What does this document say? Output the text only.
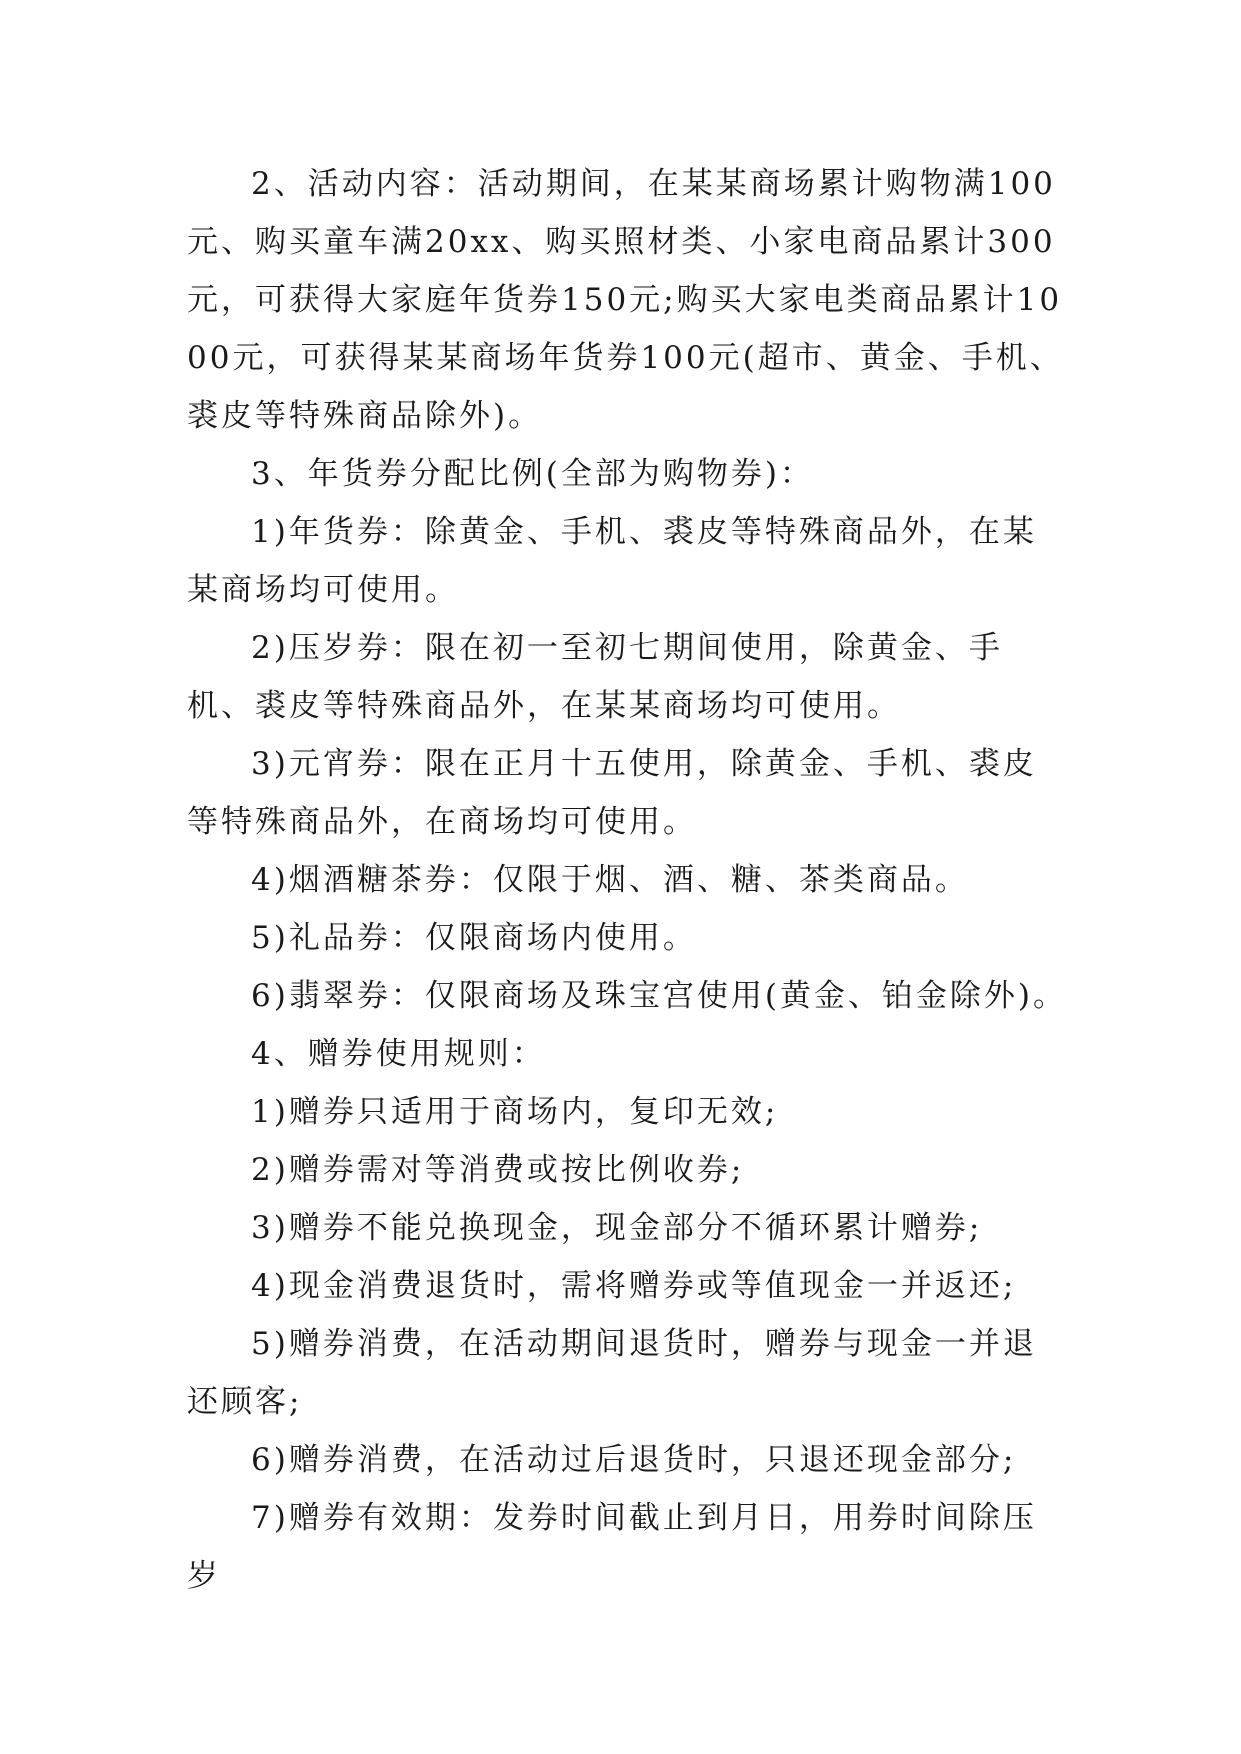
2、活动内容：活动期间，在某某商场累计购物满100元、购买童车满20xx、购买照材类、小家电商品累计300元，可获得大家庭年货券150元;购买大家电类商品累计1000元，可获得某某商场年货券100元(超市、黄金、手机、裘皮等特殊商品除外)。

3、年货券分配比例(全部为购物券)：

1)年货券：除黄金、手机、裘皮等特殊商品外，在某某商场均可使用。

2)压岁券：限在初一至初七期间使用，除黄金、手机、裘皮等特殊商品外，在某某商场均可使用。

3)元宵券：限在正月十五使用，除黄金、手机、裘皮等特殊商品外，在商场均可使用。

4)烟酒糖茶券：仅限于烟、酒、糖、茶类商品。

5)礼品券：仅限商场内使用。

6)翡翠券：仅限商场及珠宝宫使用(黄金、铂金除外)。

4、赠券使用规则：

1)赠券只适用于商场内，复印无效;

2)赠券需对等消费或按比例收券;

3)赠券不能兑换现金，现金部分不循环累计赠券;

4)现金消费退货时，需将赠券或等值现金一并返还;

5)赠券消费，在活动期间退货时，赠券与现金一并退还顾客;

6)赠券消费，在活动过后退货时，只退还现金部分;

7)赠券有效期：发券时间截止到月日，用券时间除压岁
